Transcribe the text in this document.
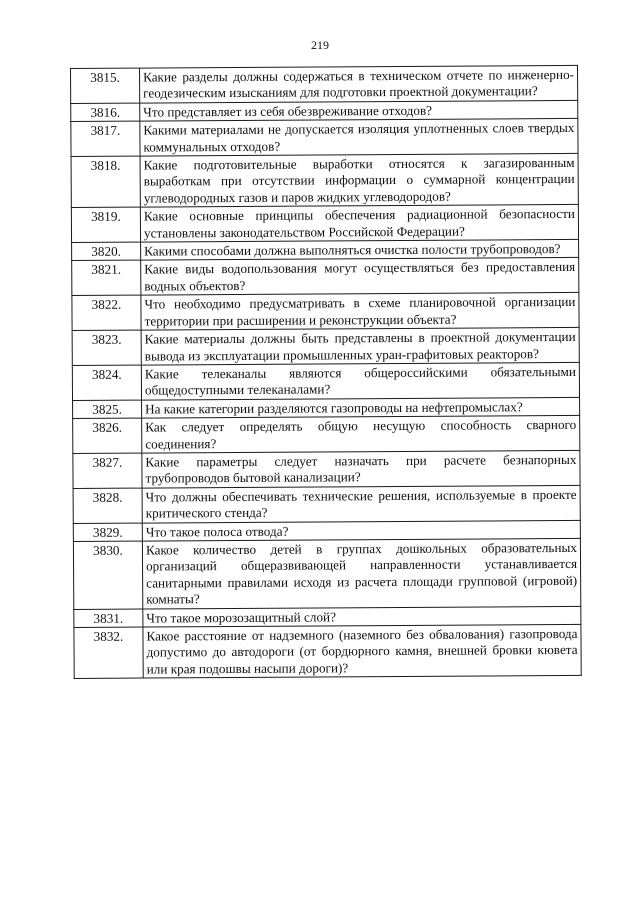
219
3815.	Какие разделы должны содержаться в техническом отчете по инженерно-геодезическим изысканиям для подготовки проектной документации?
3816.	Что представляет из себя обезвреживание отходов?
3817.	Какими материалами не допускается изоляция уплотненных слоев твердых коммунальных отходов?
3818.	Какие подготовительные выработки относятся к загазированным выработкам при отсутствии информации о суммарной концентрации углеводородных газов и паров жидких углеводородов?
3819.	Какие основные принципы обеспечения радиационной безопасности установлены законодательством Российской Федерации?
3820.	Какими способами должна выполняться очистка полости трубопроводов?
3821.	Какие виды водопользования могут осуществляться без предоставления водных объектов?
3822.	Что необходимо предусматривать в схеме планировочной организации территории при расширении и реконструкции объекта?
3823.	Какие материалы должны быть представлены в проектной документации вывода из эксплуатации промышленных уран-графитовых реакторов?
3824.	Какие телеканалы являются общероссийскими обязательными общедоступными телеканалами?
3825.	На какие категории разделяются газопроводы на нефтепромыслах?
3826.	Как следует определять общую несущую способность сварного соединения?
3827.	Какие параметры следует назначать при расчете безнапорных трубопроводов бытовой канализации?
3828.	Что должны обеспечивать технические решения, используемые в проекте критического стенда?
3829.	Что такое полоса отвода?
3830.	Какое количество детей в группах дошкольных образовательных организаций общеразвивающей направленности устанавливается санитарными правилами исходя из расчета площади групповой (игровой) комнаты?
3831.	Что такое морозозащитный слой?
3832.	Какое расстояние от надземного (наземного без обвалования) газопровода допустимо до автодороги (от бордюрного камня, внешней бровки кювета или края подошвы насыпи дороги)?
